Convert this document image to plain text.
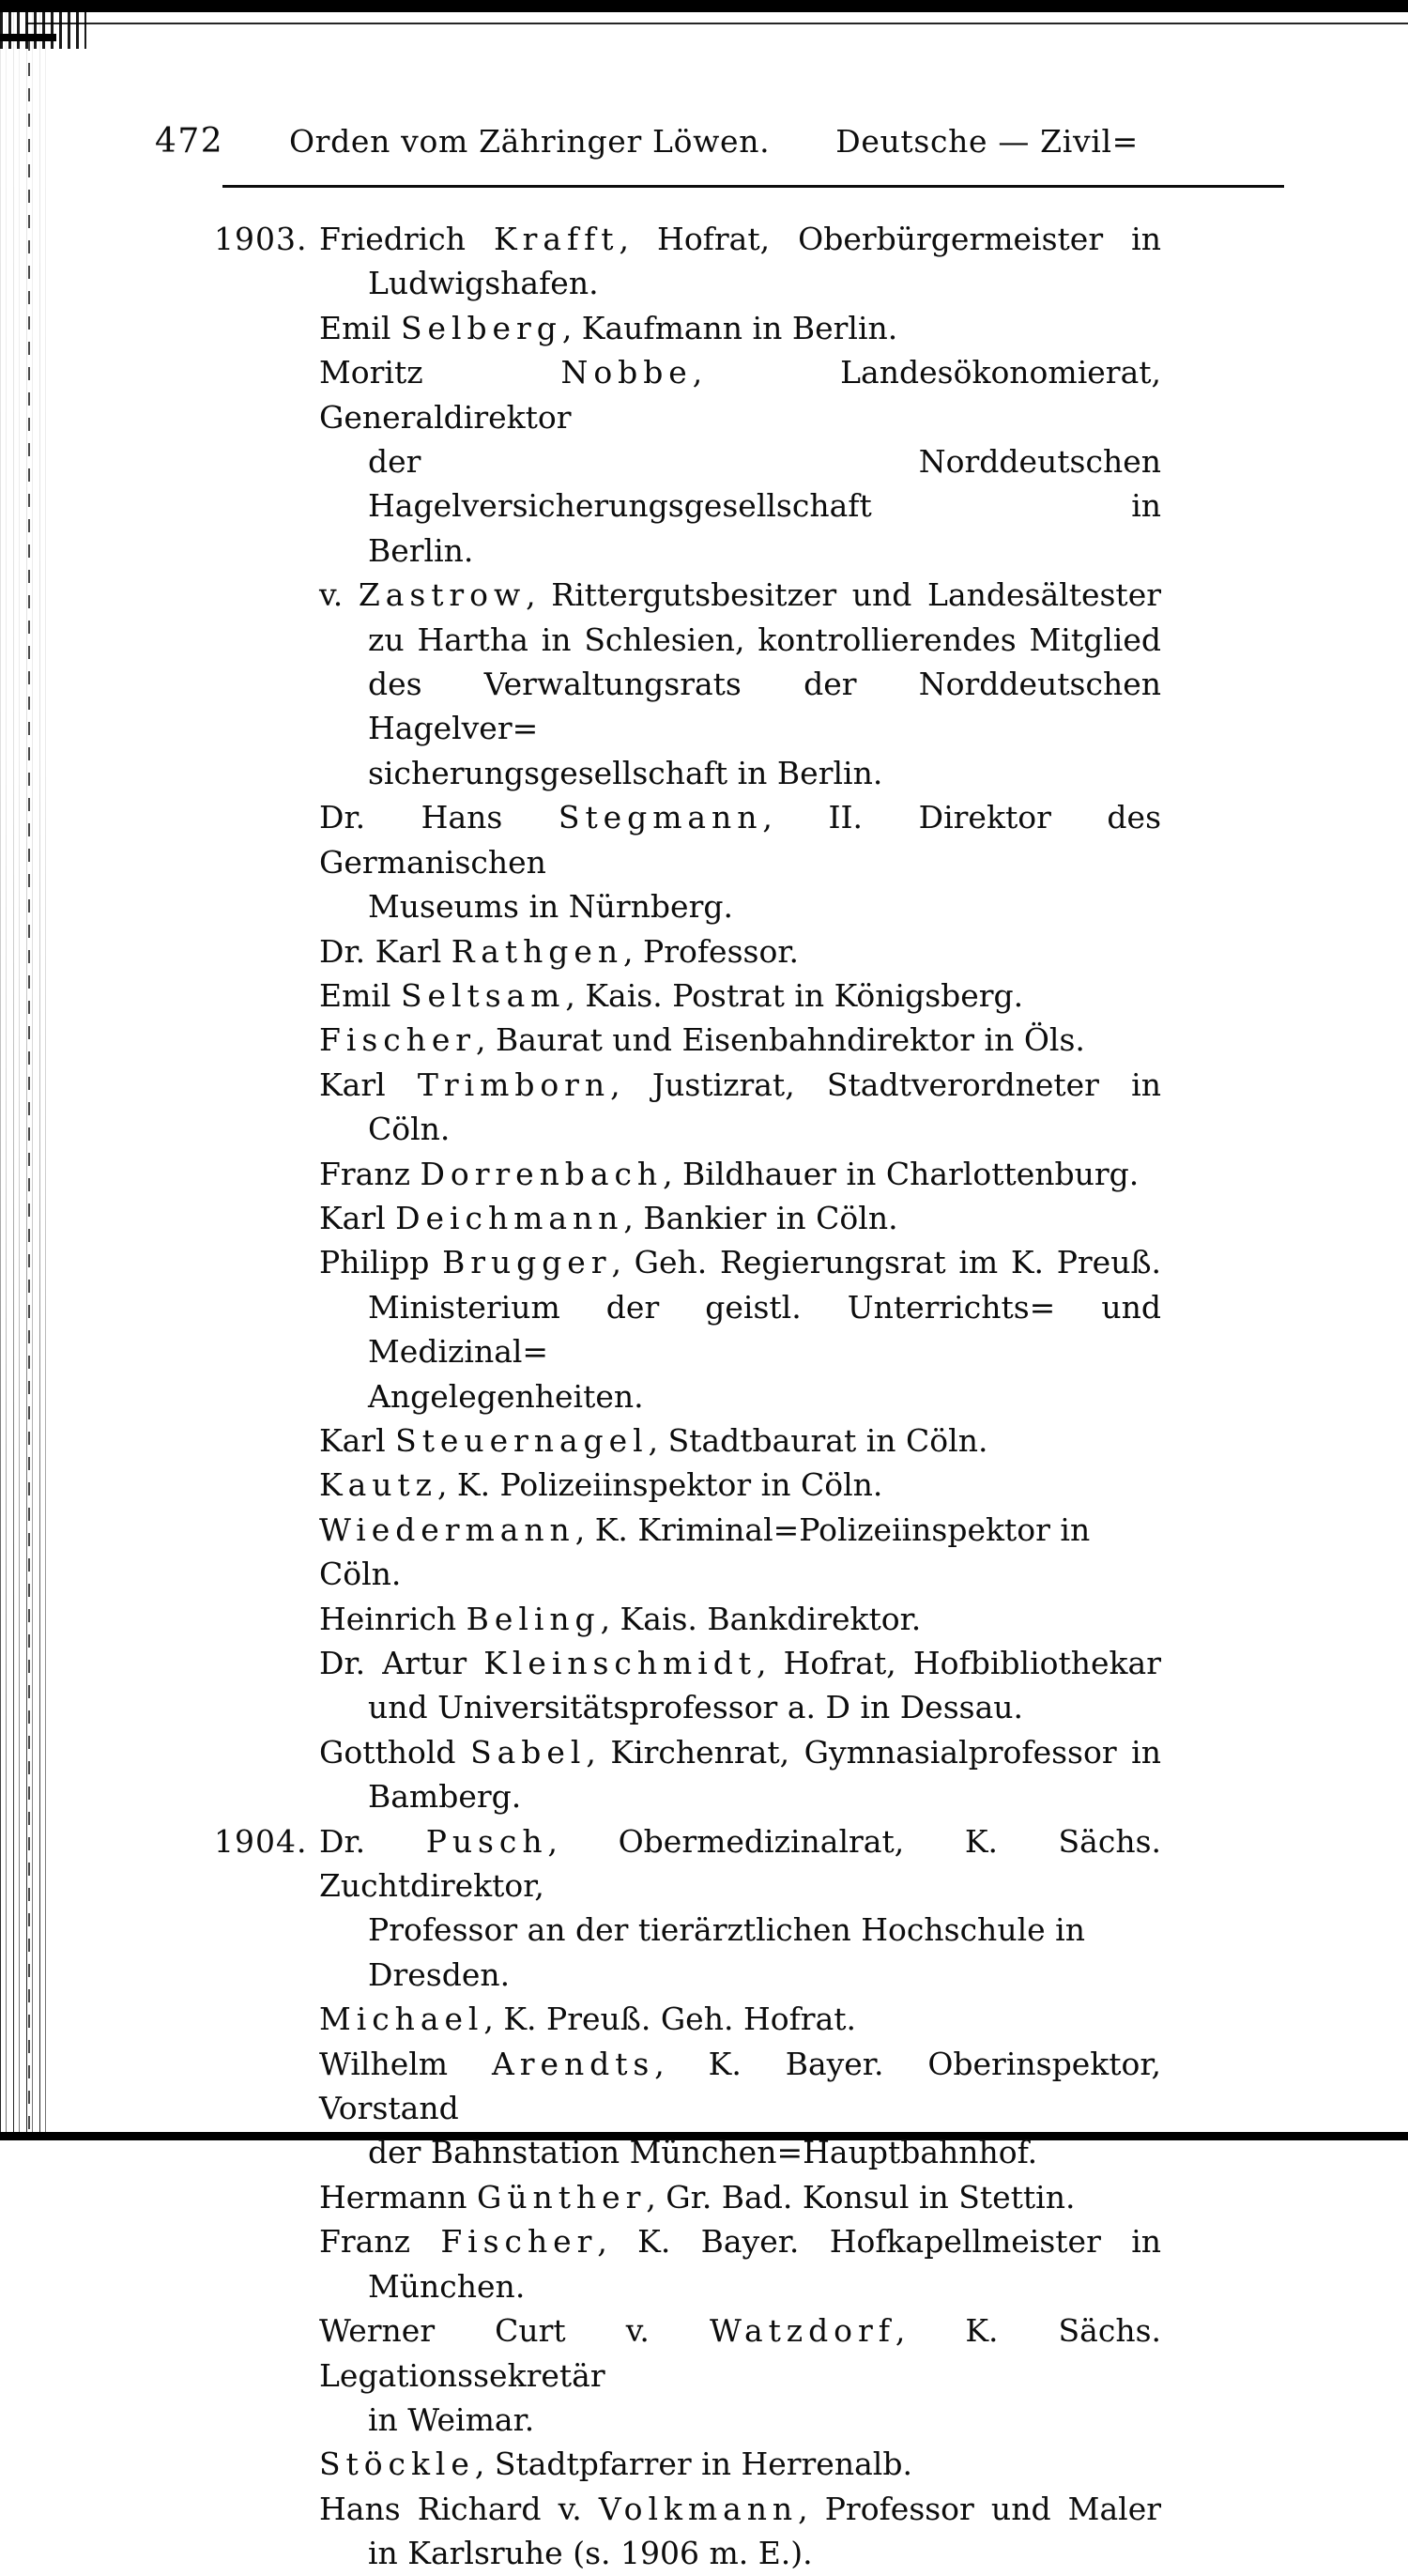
472 Orden vom Zähringer Löwen. Deutsche — Zivil=
1903. Friedrich Krafft, Hofrat, Oberbürgermeister in
Ludwigshafen.
Emil Selberg, Kaufmann in Berlin.
Moritz Nobbe, Landesökonomierat, Generaldirektor
der Norddeutschen Hagelversicherungsgesellschaft in
Berlin.
v. Zastrow, Rittergutsbesitzer und Landesältester
zu Hartha in Schlesien, kontrollierendes Mitglied
des Verwaltungsrats der Norddeutschen Hagelver=
sicherungsgesellschaft in Berlin.
Dr. Hans Stegmann, II. Direktor des Germanischen
Museums in Nürnberg.
Dr. Karl Rathgen, Professor.
Emil Seltsam, Kais. Postrat in Königsberg.
Fischer, Baurat und Eisenbahndirektor in Öls.
Karl Trimborn, Justizrat, Stadtverordneter in
Cöln.
Franz Dorrenbach, Bildhauer in Charlottenburg.
Karl Deichmann, Bankier in Cöln.
Philipp Brugger, Geh. Regierungsrat im K. Preuß.
Ministerium der geistl. Unterrichts= und Medizinal=
Angelegenheiten.
Karl Steuernagel, Stadtbaurat in Cöln.
Kautz, K. Polizeiinspektor in Cöln.
Wiedermann, K. Kriminal=Polizeiinspektor in Cöln.
Heinrich Beling, Kais. Bankdirektor.
Dr. Artur Kleinschmidt, Hofrat, Hofbibliothekar
und Universitätsprofessor a. D in Dessau.
Gotthold Sabel, Kirchenrat, Gymnasialprofessor in
Bamberg.
1904. Dr. Pusch, Obermedizinalrat, K. Sächs. Zuchtdirektor,
Professor an der tierärztlichen Hochschule in Dresden.
Michael, K. Preuß. Geh. Hofrat.
Wilhelm Arendts, K. Bayer. Oberinspektor, Vorstand
der Bahnstation München=Hauptbahnhof.
Hermann Günther, Gr. Bad. Konsul in Stettin.
Franz Fischer, K. Bayer. Hofkapellmeister in
München.
Werner Curt v. Watzdorf, K. Sächs. Legationssekretär
in Weimar.
Stöckle, Stadtpfarrer in Herrenalb.
Hans Richard v. Volkmann, Professor und Maler
in Karlsruhe (s. 1906 m. E.).
